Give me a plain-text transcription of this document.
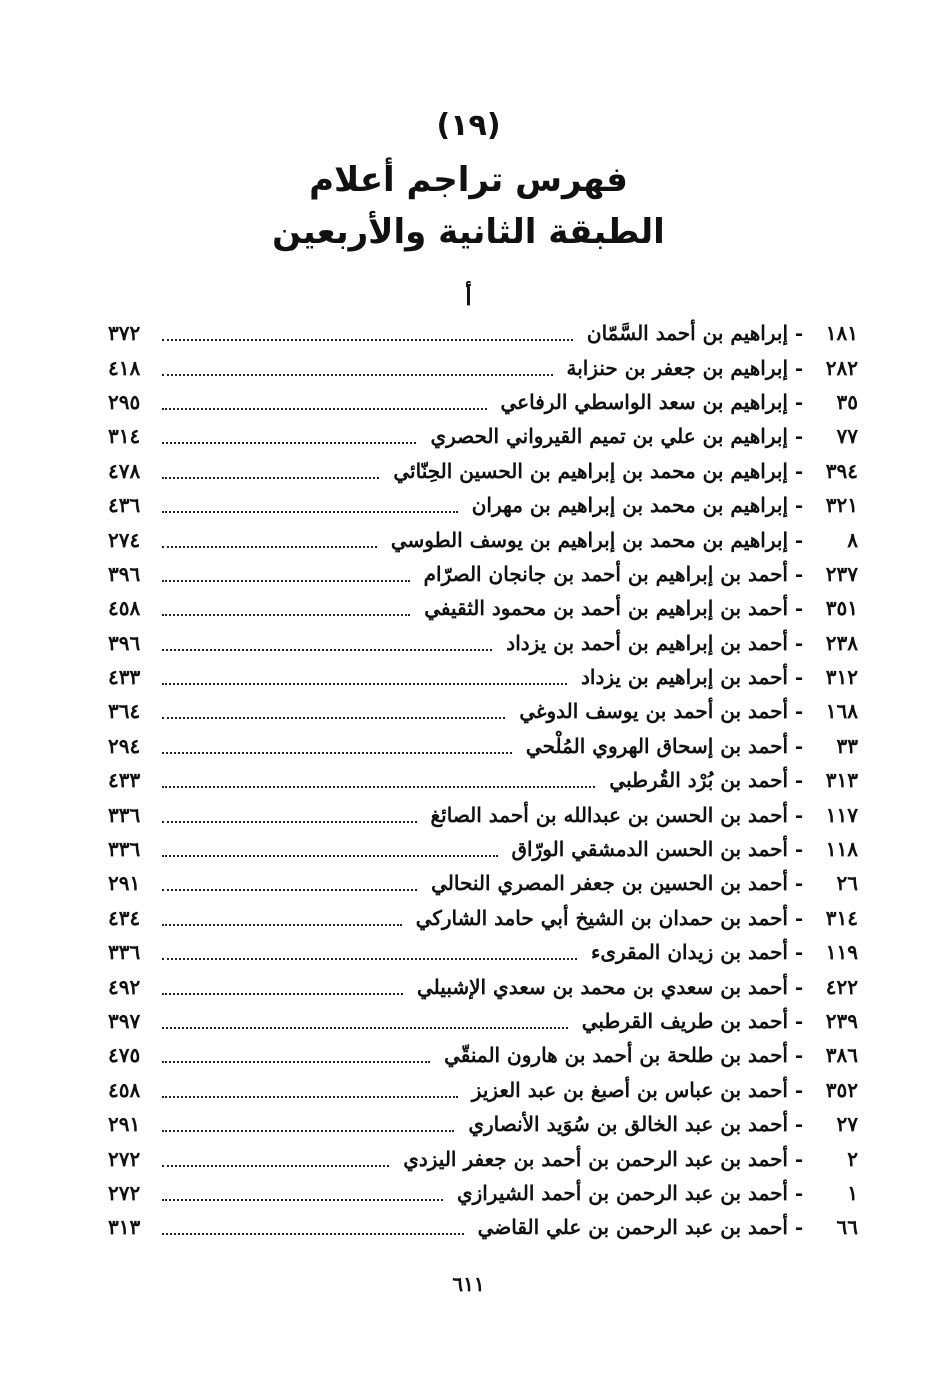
(١٩)
فهرس تراجم أعلام
الطبقة الثانية والأربعين
أ
١٨١
-
إبراهيم بن أحمد السَّمّان
٣٧٢
٢٨٢
-
إبراهيم بن جعفر بن حنزابة
٤١٨
٣٥
-
إبراهيم بن سعد الواسطي الرفاعي
٢٩٥
٧٧
-
إبراهيم بن علي بن تميم القيرواني الحصري
٣١٤
٣٩٤
-
إبراهيم بن محمد بن إبراهيم بن الحسين الحِنّائي
٤٧٨
٣٢١
-
إبراهيم بن محمد بن إبراهيم بن مهران
٤٣٦
٨
-
إبراهيم بن محمد بن إبراهيم بن يوسف الطوسي
٢٧٤
٢٣٧
-
أحمد بن إبراهيم بن أحمد بن جانجان الصرّام
٣٩٦
٣٥١
-
أحمد بن إبراهيم بن أحمد بن محمود الثقيفي
٤٥٨
٢٣٨
-
أحمد بن إبراهيم بن أحمد بن يزداد
٣٩٦
٣١٢
-
أحمد بن إبراهيم بن يزداد
٤٣٣
١٦٨
-
أحمد بن أحمد بن يوسف الدوغي
٣٦٤
٣٣
-
أحمد بن إسحاق الهروي المُلْحي
٢٩٤
٣١٣
-
أحمد بن بُرْد القُرطبي
٤٣٣
١١٧
-
أحمد بن الحسن بن عبدالله بن أحمد الصائغ
٣٣٦
١١٨
-
أحمد بن الحسن الدمشقي الورّاق
٣٣٦
٢٦
-
أحمد بن الحسين بن جعفر المصري النحالي
٢٩١
٣١٤
-
أحمد بن حمدان بن الشيخ أبي حامد الشاركي
٤٣٤
١١٩
-
أحمد بن زيدان المقرىء
٣٣٦
٤٢٢
-
أحمد بن سعدي بن محمد بن سعدي الإشبيلي
٤٩٢
٢٣٩
-
أحمد بن طريف القرطبي
٣٩٧
٣٨٦
-
أحمد بن طلحة بن أحمد بن هارون المنقّي
٤٧٥
٣٥٢
-
أحمد بن عباس بن أصبغ بن عبد العزيز
٤٥٨
٢٧
-
أحمد بن عبد الخالق بن سُوَيد الأنصاري
٢٩١
٢
-
أحمد بن عبد الرحمن بن أحمد بن جعفر اليزدي
٢٧٢
١
-
أحمد بن عبد الرحمن بن أحمد الشيرازي
٢٧٢
٦٦
-
أحمد بن عبد الرحمن بن علي القاضي
٣١٣
٦١١
